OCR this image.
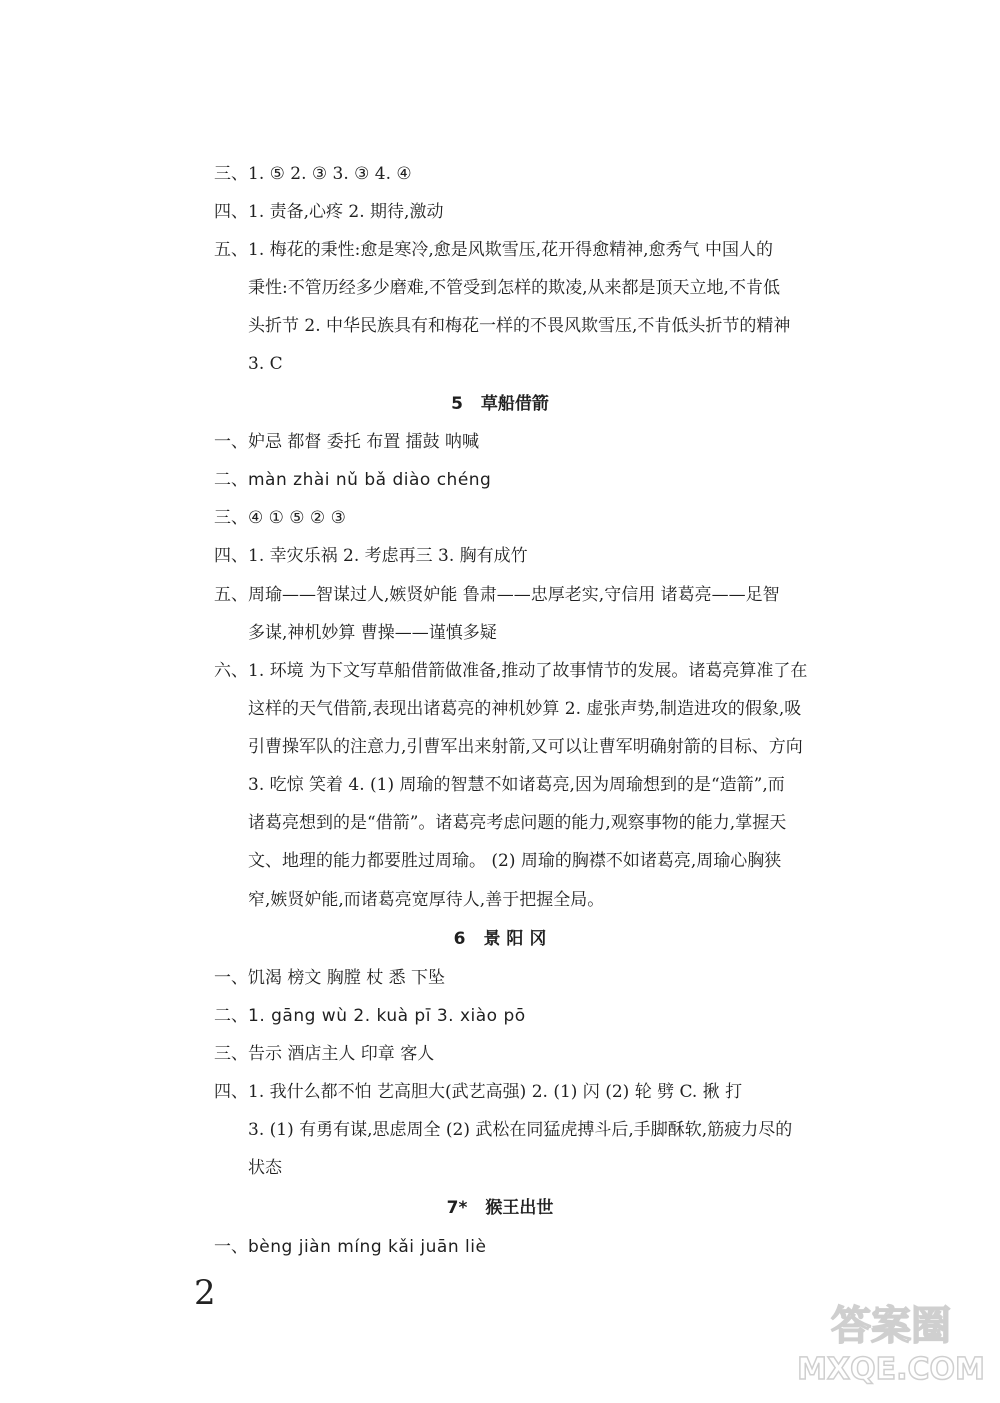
三、 1. ⑤ 2. ③ 3. ③ 4. ④
四、 1. 责备,心疼 2. 期待,激动
五、 1. 梅花的秉性:愈是寒冷,愈是风欺雪压,花开得愈精神,愈秀气 中国人的
秉性:不管历经多少磨难,不管受到怎样的欺凌,从来都是顶天立地,不肯低
头折节 2. 中华民族具有和梅花一样的不畏风欺雪压,不肯低头折节的精神
3. C
5 草船借箭
一、 妒忌 都督 委托 布置 擂鼓 呐喊
二、 màn zhài nǔ bǎ diào chéng
三、 ④ ① ⑤ ② ③
四、 1. 幸灾乐祸 2. 考虑再三 3. 胸有成竹
五、 周瑜——智谋过人,嫉贤妒能 鲁肃——忠厚老实,守信用 诸葛亮——足智
多谋,神机妙算 曹操——谨慎多疑
六、 1. 环境 为下文写草船借箭做准备,推动了故事情节的发展。诸葛亮算准了在
这样的天气借箭,表现出诸葛亮的神机妙算 2. 虚张声势,制造进攻的假象,吸
引曹操军队的注意力,引曹军出来射箭,又可以让曹军明确射箭的目标、方向
3. 吃惊 笑着 4. (1) 周瑜的智慧不如诸葛亮,因为周瑜想到的是“造箭”,而
诸葛亮想到的是“借箭”。诸葛亮考虑问题的能力,观察事物的能力,掌握天
文、地理的能力都要胜过周瑜。 (2) 周瑜的胸襟不如诸葛亮,周瑜心胸狭
窄,嫉贤妒能,而诸葛亮宽厚待人,善于把握全局。
6 景 阳 冈
一、 饥渴 榜文 胸膛 杖 悉 下坠
二、 1. gāng wù 2. kuà pī 3. xiào pō
三、 告示 酒店主人 印章 客人
四、 1. 我什么都不怕 艺高胆大(武艺高强) 2. (1) 闪 (2) 轮 劈 C. 揪 打
3. (1) 有勇有谋,思虑周全 (2) 武松在同猛虎搏斗后,手脚酥软,筋疲力尽的
状态
7* 猴王出世
一、 bèng jiàn míng kǎi juān liè
2
答案圈
MXQE.COM
